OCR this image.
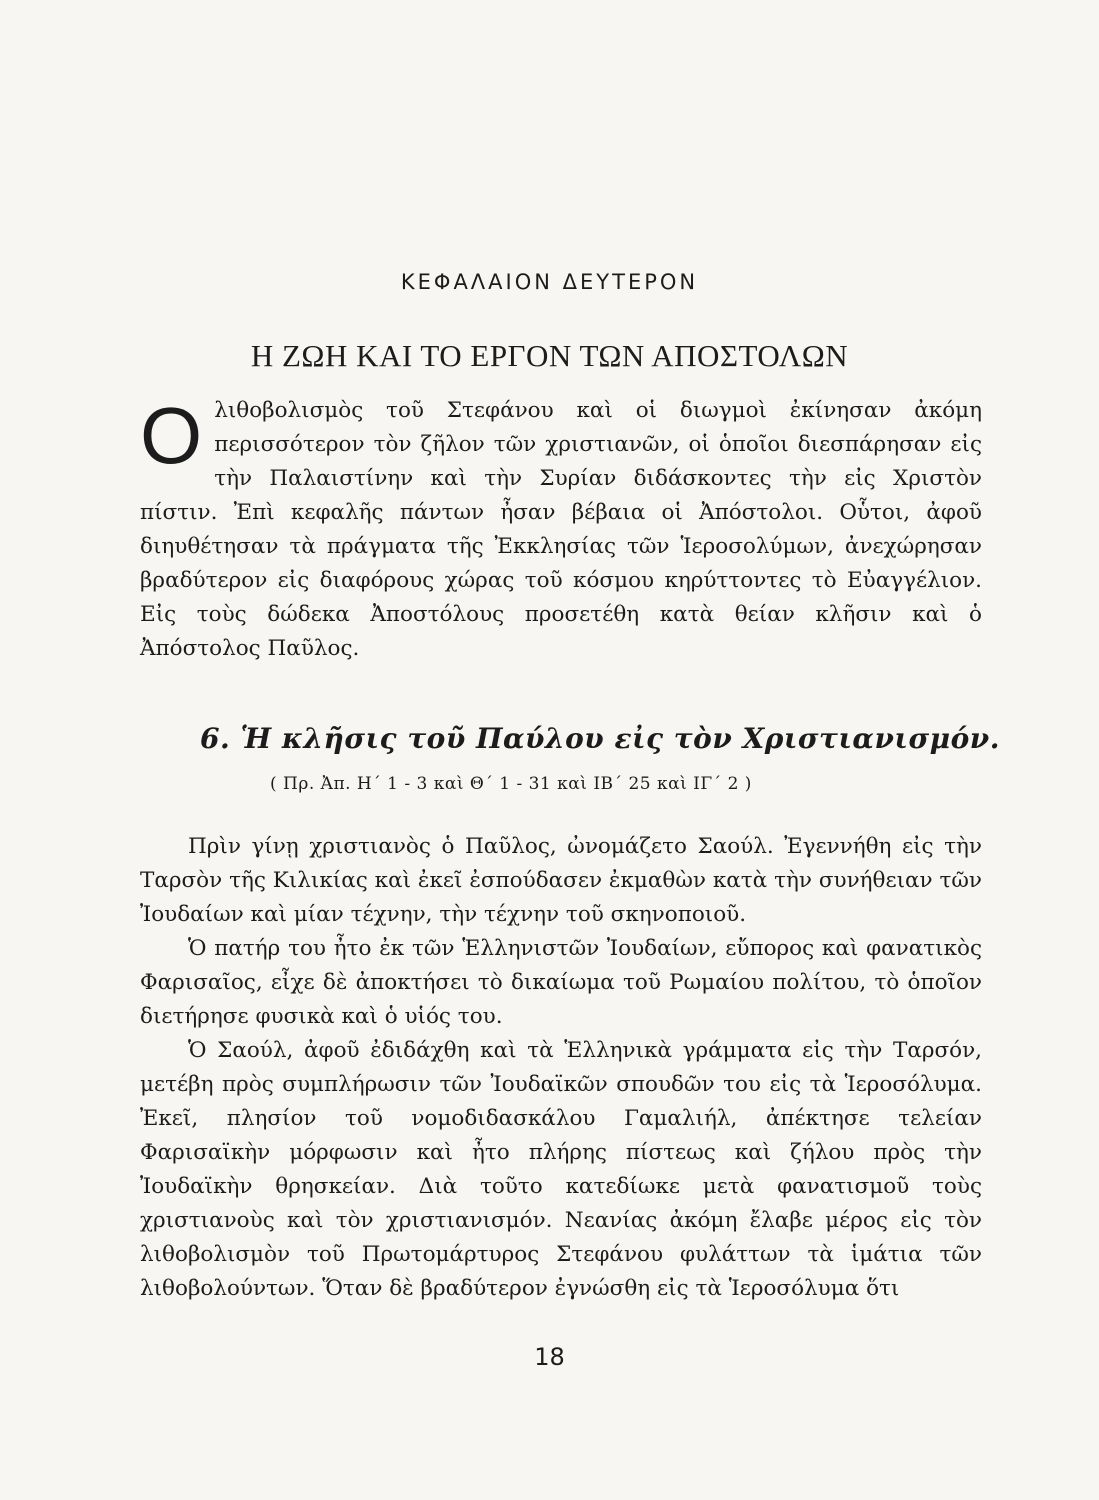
ΚΕΦΑΛΑΙΟΝ ΔΕΥΤΕΡΟΝ
Η ΖΩΗ ΚΑΙ ΤΟ ΕΡΓΟΝ ΤΩΝ ΑΠΟΣΤΟΛΩΝ

Ο λιθοβολισμὸς τοῦ Στεφάνου καὶ οἱ διωγμοὶ ἐκίνησαν ἀκόμη περισσότερον τὸν ζῆλον τῶν χριστιανῶν, οἱ ὁποῖοι διεσπάρησαν εἰς τὴν Παλαιστίνην καὶ τὴν Συρίαν διδάσκοντες τὴν εἰς Χριστὸν πίστιν. Ἐπὶ κεφαλῆς πάντων ἦσαν βέβαια οἱ Ἀπόστολοι. Οὗτοι, ἀφοῦ διηυθέτησαν τὰ πράγματα τῆς Ἐκκλησίας τῶν Ἱεροσολύμων, ἀνεχώρησαν βραδύτερον εἰς διαφόρους χώρας τοῦ κόσμου κηρύττοντες τὸ Εὐαγγέλιον. Εἰς τοὺς δώδεκα Ἀποστόλους προσετέθη κατὰ θείαν κλῆσιν καὶ ὁ Ἀπόστολος Παῦλος.

6. Ἡ κλῆσις τοῦ Παύλου εἰς τὸν Χριστιανισμόν.
( Πρ. Ἀπ. Η΄ 1 - 3 καὶ Θ΄ 1 - 31 καὶ ΙΒ΄ 25 καὶ ΙΓ΄ 2 )
Πρὶν γίνῃ χριστιανὸς ὁ Παῦλος, ὠνομάζετο Σαούλ. Ἐγεννήθη εἰς τὴν Ταρσὸν τῆς Κιλικίας καὶ ἐκεῖ ἐσπούδασεν ἐκμαθὼν κατὰ τὴν συνήθειαν τῶν Ἰουδαίων καὶ μίαν τέχνην, τὴν τέχνην τοῦ σκηνοποιοῦ.
Ὁ πατήρ του ἦτο ἐκ τῶν Ἑλληνιστῶν Ἰουδαίων, εὔπορος καὶ φανατικὸς Φαρισαῖος, εἶχε δὲ ἀποκτήσει τὸ δικαίωμα τοῦ Ρωμαίου πολίτου, τὸ ὁποῖον διετήρησε φυσικὰ καὶ ὁ υἱός του.
Ὁ Σαούλ, ἀφοῦ ἐδιδάχθη καὶ τὰ Ἑλληνικὰ γράμματα εἰς τὴν Ταρσόν, μετέβη πρὸς συμπλήρωσιν τῶν Ἰουδαϊκῶν σπουδῶν του εἰς τὰ Ἱεροσόλυμα. Ἐκεῖ, πλησίον τοῦ νομοδιδασκάλου Γαμαλιήλ, ἀπέκτησε τελείαν Φαρισαϊκὴν μόρφωσιν καὶ ἦτο πλήρης πίστεως καὶ ζήλου πρὸς τὴν Ἰουδαϊκὴν θρησκείαν. Διὰ τοῦτο κατεδίωκε μετὰ φανατισμοῦ τοὺς χριστιανοὺς καὶ τὸν χριστιανισμόν. Νεανίας ἀκόμη ἔλαβε μέρος εἰς τὸν λιθοβολισμὸν τοῦ Πρωτομάρτυρος Στεφάνου φυλάττων τὰ ἱμάτια τῶν λιθοβολούντων. Ὅταν δὲ βραδύτερον ἐγνώσθη εἰς τὰ Ἱεροσόλυμα ὅτι
18
